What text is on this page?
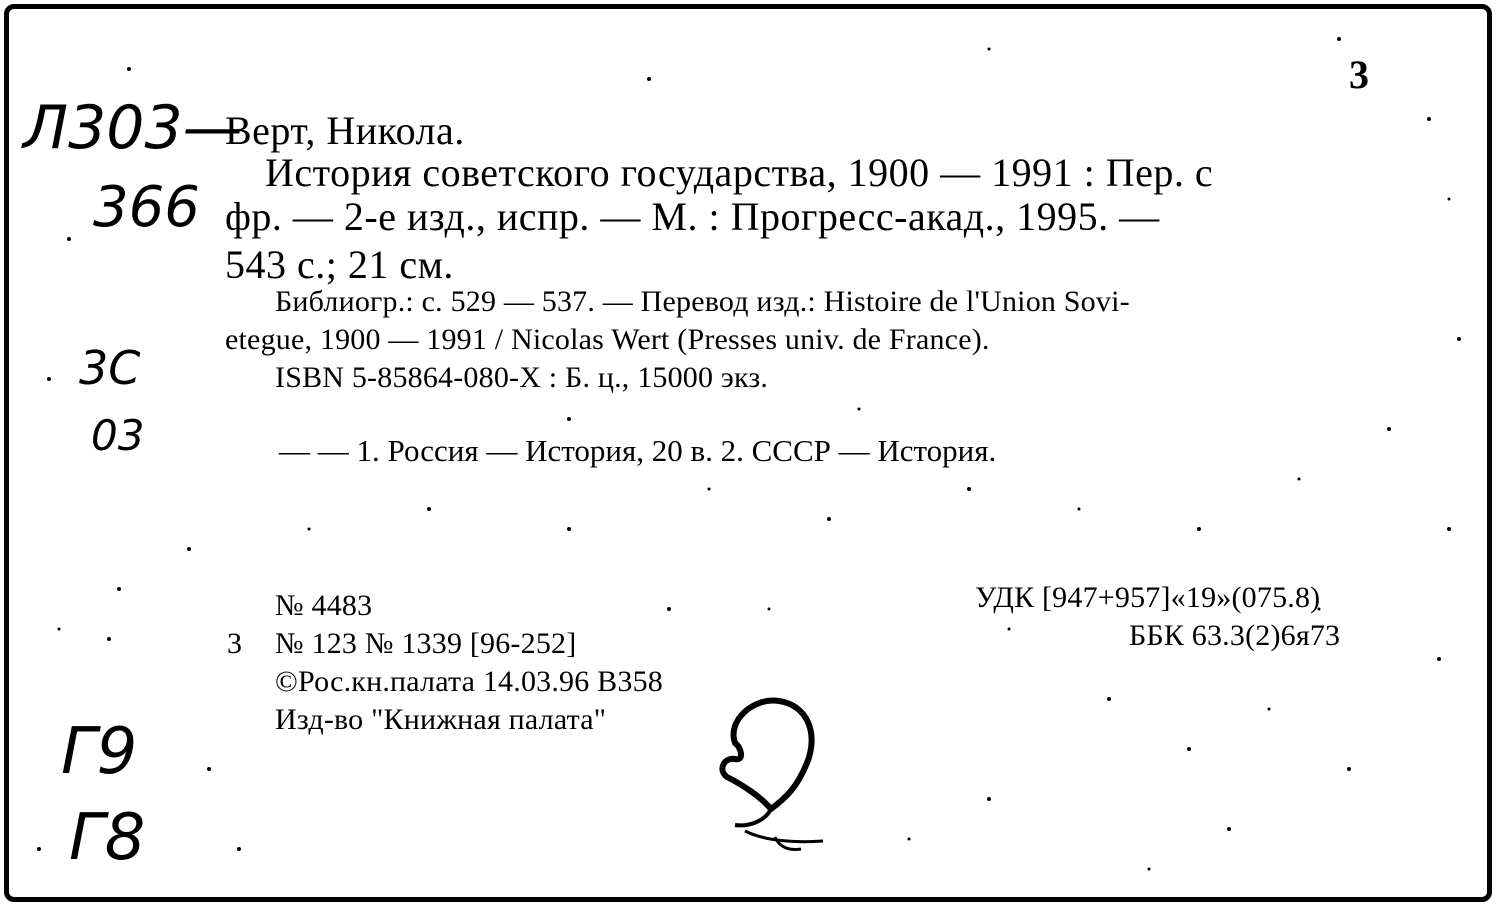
3
Л303—
366
3С
03
Г9
Г8
Верт, Никола.
История советского государства, 1900 — 1991 : Пер. с
фр. — 2-е изд., испр. — М. : Прогресс-акад., 1995. —
543 с.; 21 см.
Библиогр.: с. 529 — 537. — Перевод изд.: Histoire de l'Union Sovi-
etegue, 1900 — 1991 / Nicolas Wert (Presses univ. de France).
ISBN 5-85864-080-X : Б. ц., 15000 экз.
— — 1. Россия — История, 20 в. 2. СССР — История.
№ 4483
3 № 123 № 1339 [96-252]
©Рос.кн.палата 14.03.96 В358
Изд-во "Книжная палата"
УДК [947+957]«19»(075.8)
ББК 63.3(2)6я73
